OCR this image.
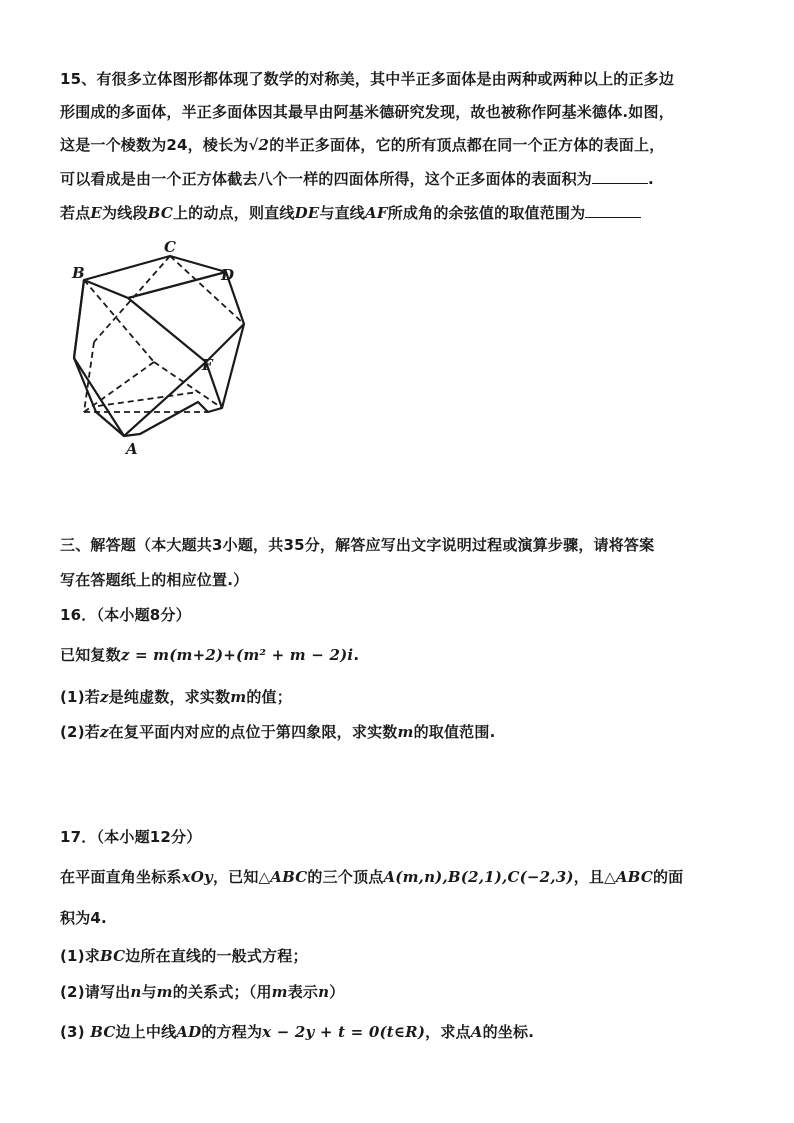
15、有很多立体图形都体现了数学的对称美，其中半正多面体是由两种或两种以上的正多边
形围成的多面体，半正多面体因其最早由阿基米德研究发现，故也被称作阿基米德体.如图，
这是一个棱数为24，棱长为√2的半正多面体，它的所有顶点都在同一个正方体的表面上，
可以看成是由一个正方体截去八个一样的四面体所得，这个正多面体的表面积为	.
若点E为线段BC上的动点，则直线DE与直线AF所成角的余弦值的取值范围为
B
C
D
F
A
三、解答题（本大题共3小题，共35分，解答应写出文字说明过程或演算步骤，请将答案
写在答题纸上的相应位置.）
16．（本小题8分）
已知复数z = m(m+2)+(m² + m − 2)i.
(1)若z是纯虚数，求实数m的值；
(2)若z在复平面内对应的点位于第四象限，求实数m的取值范围.
17．（本小题12分）
在平面直角坐标系xOy，已知△ABC的三个顶点A(m,n),B(2,1),C(−2,3)，且△ABC的面
积为4.
(1)求BC边所在直线的一般式方程；
(2)请写出n与m的关系式；（用m表示n）
(3) BC边上中线AD的方程为x − 2y + t = 0(t∈R)，求点A的坐标.
